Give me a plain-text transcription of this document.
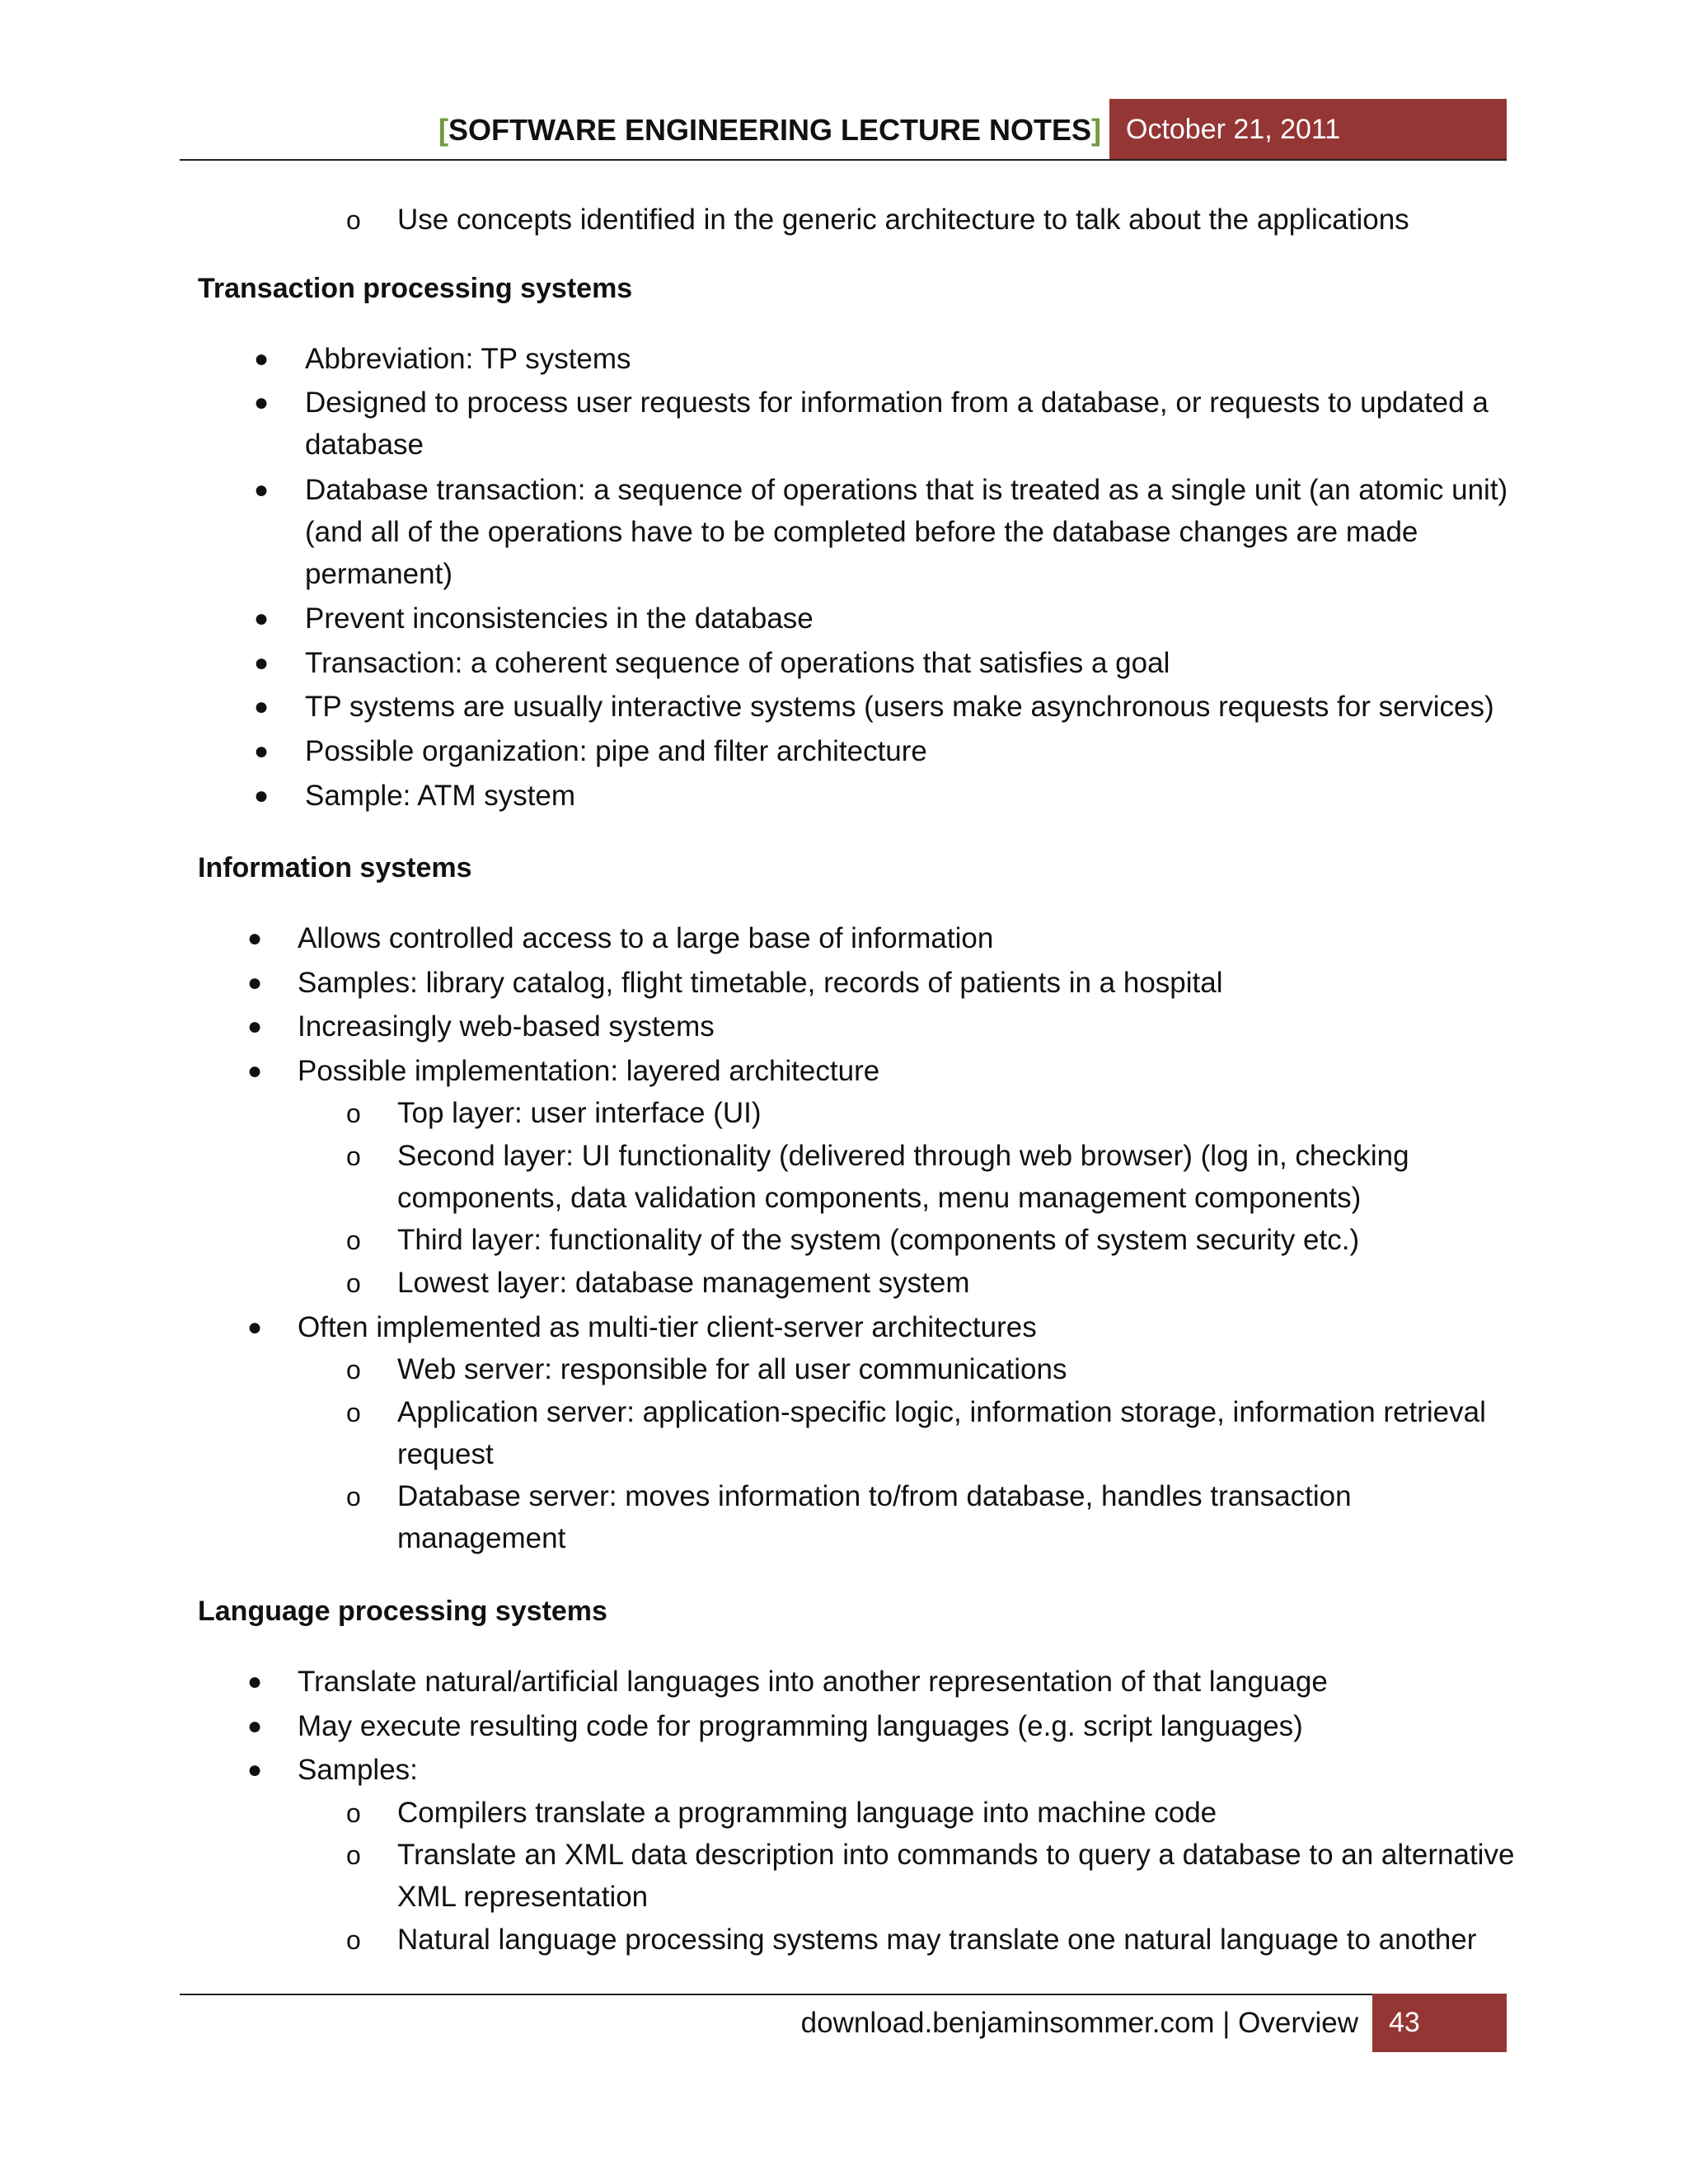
[SOFTWARE ENGINEERING LECTURE NOTES] October 21, 2011
o Use concepts identified in the generic architecture to talk about the applications
Transaction processing systems
● Abbreviation: TP systems
● Designed to process user requests for information from a database, or requests to updated a
database
● Database transaction: a sequence of operations that is treated as a single unit (an atomic unit)
(and all of the operations have to be completed before the database changes are made
permanent)
● Prevent inconsistencies in the database
● Transaction: a coherent sequence of operations that satisfies a goal
● TP systems are usually interactive systems (users make asynchronous requests for services)
● Possible organization: pipe and filter architecture
● Sample: ATM system
Information systems
● Allows controlled access to a large base of information
● Samples: library catalog, flight timetable, records of patients in a hospital
● Increasingly web-based systems
● Possible implementation: layered architecture
o Top layer: user interface (UI)
o Second layer: UI functionality (delivered through web browser) (log in, checking
components, data validation components, menu management components)
o Third layer: functionality of the system (components of system security etc.)
o Lowest layer: database management system
● Often implemented as multi-tier client-server architectures
o Web server: responsible for all user communications
o Application server: application-specific logic, information storage, information retrieval
request
o Database server: moves information to/from database, handles transaction
management
Language processing systems
● Translate natural/artificial languages into another representation of that language
● May execute resulting code for programming languages (e.g. script languages)
● Samples:
o Compilers translate a programming language into machine code
o Translate an XML data description into commands to query a database to an alternative
XML representation
o Natural language processing systems may translate one natural language to another
download.benjaminsommer.com | Overview	43
